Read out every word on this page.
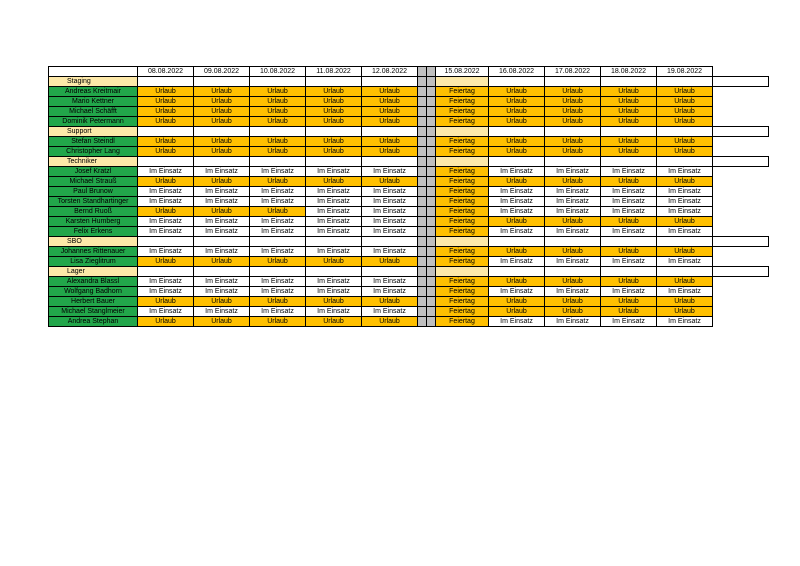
	08.08.2022	09.08.2022	10.08.2022	11.08.2022	12.08.2022			15.08.2022	16.08.2022	17.08.2022	18.08.2022	19.08.2022	
Staging													
Andreas Kreitmair	Urlaub	Urlaub	Urlaub	Urlaub	Urlaub			Feiertag	Urlaub	Urlaub	Urlaub	Urlaub	
Mario Kettner	Urlaub	Urlaub	Urlaub	Urlaub	Urlaub			Feiertag	Urlaub	Urlaub	Urlaub	Urlaub	
Michael Schäfft	Urlaub	Urlaub	Urlaub	Urlaub	Urlaub			Feiertag	Urlaub	Urlaub	Urlaub	Urlaub	
Dominik Petermann	Urlaub	Urlaub	Urlaub	Urlaub	Urlaub			Feiertag	Urlaub	Urlaub	Urlaub	Urlaub	
Support													
Stefan Steindl	Urlaub	Urlaub	Urlaub	Urlaub	Urlaub			Feiertag	Urlaub	Urlaub	Urlaub	Urlaub	
Christopher Lang	Urlaub	Urlaub	Urlaub	Urlaub	Urlaub			Feiertag	Urlaub	Urlaub	Urlaub	Urlaub	
Techniker													
Josef Kratzl	Im Einsatz	Im Einsatz	Im Einsatz	Im Einsatz	Im Einsatz			Feiertag	Im Einsatz	Im Einsatz	Im Einsatz	Im Einsatz	
Michael Strauß	Urlaub	Urlaub	Urlaub	Urlaub	Urlaub			Feiertag	Urlaub	Urlaub	Urlaub	Urlaub	
Paul Brunow	Im Einsatz	Im Einsatz	Im Einsatz	Im Einsatz	Im Einsatz			Feiertag	Im Einsatz	Im Einsatz	Im Einsatz	Im Einsatz	
Torsten Standhartinger	Im Einsatz	Im Einsatz	Im Einsatz	Im Einsatz	Im Einsatz			Feiertag	Im Einsatz	Im Einsatz	Im Einsatz	Im Einsatz	
Bernd Ruoß	Urlaub	Urlaub	Urlaub	Im Einsatz	Im Einsatz			Feiertag	Im Einsatz	Im Einsatz	Im Einsatz	Im Einsatz	
Karsten Humberg	Im Einsatz	Im Einsatz	Im Einsatz	Im Einsatz	Im Einsatz			Feiertag	Urlaub	Urlaub	Urlaub	Urlaub	
Felix Erkens	Im Einsatz	Im Einsatz	Im Einsatz	Im Einsatz	Im Einsatz			Feiertag	Im Einsatz	Im Einsatz	Im Einsatz	Im Einsatz	
SBO													
Johannes Rittenauer	Im Einsatz	Im Einsatz	Im Einsatz	Im Einsatz	Im Einsatz			Feiertag	Urlaub	Urlaub	Urlaub	Urlaub	
Lisa Zieglitrum	Urlaub	Urlaub	Urlaub	Urlaub	Urlaub			Feiertag	Im Einsatz	Im Einsatz	Im Einsatz	Im Einsatz	
Lager													
Alexandra Blassl	Im Einsatz	Im Einsatz	Im Einsatz	Im Einsatz	Im Einsatz			Feiertag	Urlaub	Urlaub	Urlaub	Urlaub	
Wolfgang Badhorn	Im Einsatz	Im Einsatz	Im Einsatz	Im Einsatz	Im Einsatz			Feiertag	Im Einsatz	Im Einsatz	Im Einsatz	Im Einsatz	
Herbert Bauer	Urlaub	Urlaub	Urlaub	Urlaub	Urlaub			Feiertag	Urlaub	Urlaub	Urlaub	Urlaub	
Michael Stanglmeier	Im Einsatz	Im Einsatz	Im Einsatz	Im Einsatz	Im Einsatz			Feiertag	Urlaub	Urlaub	Urlaub	Urlaub	
Andrea Stephan	Urlaub	Urlaub	Urlaub	Urlaub	Urlaub			Feiertag	Im Einsatz	Im Einsatz	Im Einsatz	Im Einsatz	
